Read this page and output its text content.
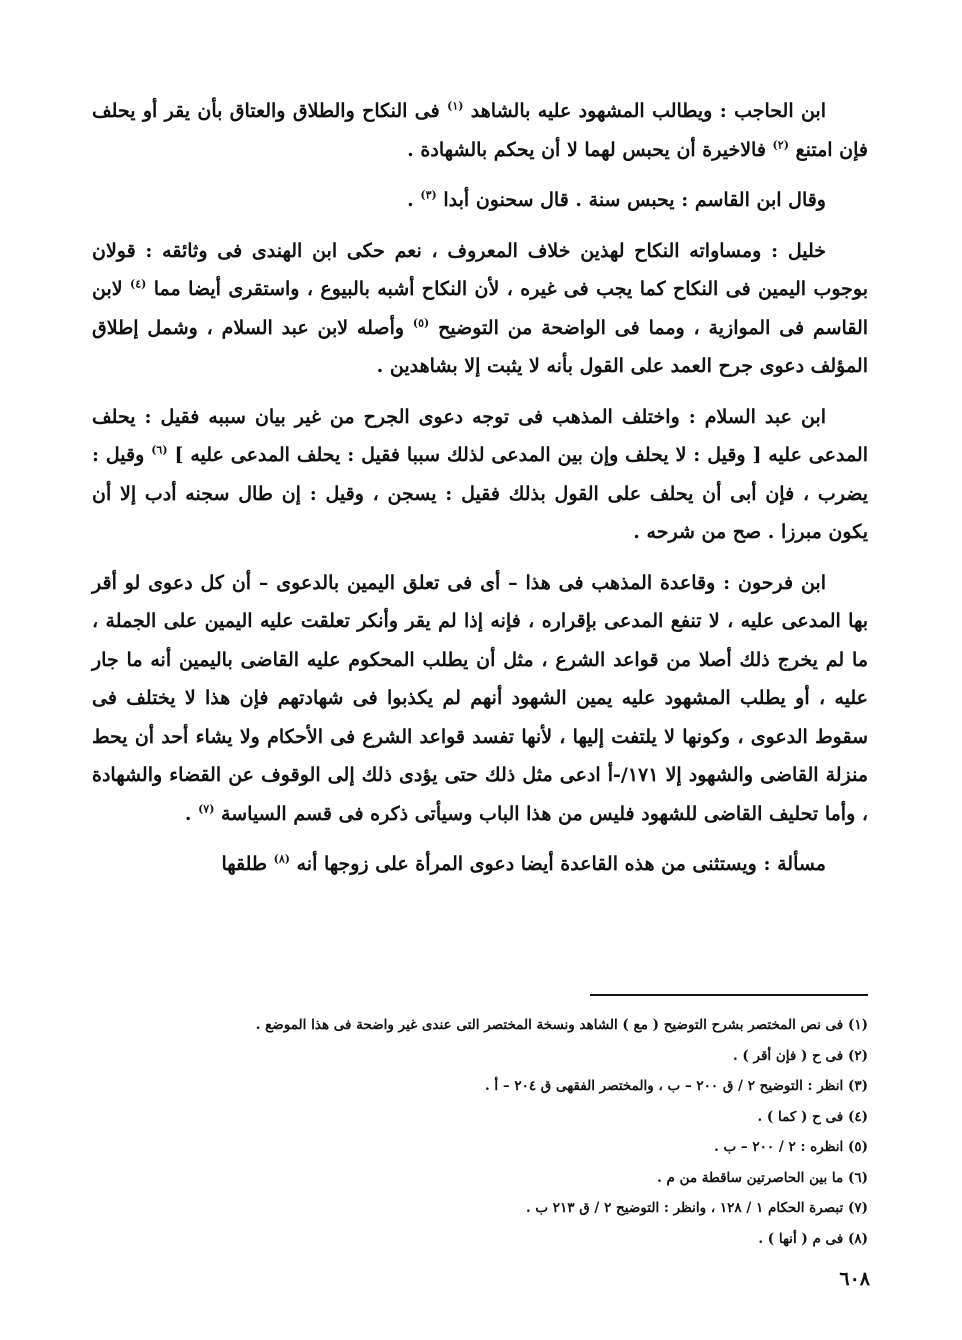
ابن الحاجب : ويطالب المشهود عليه بالشاهد $^{(١)}$ فى النكاح والطلاق والعتاق بأن يقر أو يحلف فإن امتنع $^{(٢)}$ فالاخيرة أن يحبس لهما لا أن يحكم بالشهادة .

وقال ابن القاسم : يحبس سنة . قال سحنون أبدا $^{(٣)}$ .

خليل : ومساواته النكاح لهذين خلاف المعروف ، نعم حكى ابن الهندى فى وثائقه : قولان بوجوب اليمين فى النكاح كما يجب فى غيره ، لأن النكاح أشبه بالبيوع ، واستقرى أيضا مما $^{(٤)}$ لابن القاسم فى الموازية ، ومما فى الواضحة من التوضيح $^{(٥)}$ وأصله لابن عبد السلام ، وشمل إطلاق المؤلف دعوى جرح العمد على القول بأنه لا يثبت إلا بشاهدين .

ابن عبد السلام : واختلف المذهب فى توجه دعوى الجرح من غير بيان سببه فقيل : يحلف المدعى عليه [ وقيل : لا يحلف وإن بين المدعى لذلك سببا فقيل : يحلف المدعى عليه ] $^{(٦)}$ وقيل : يضرب ، فإن أبى أن يحلف على القول بذلك فقيل : يسجن ، وقيل : إن طال سجنه أدب إلا أن يكون مبرزا . صح من شرحه .

ابن فرحون : وقاعدة المذهب فى هذا – أى فى تعلق اليمين بالدعوى – أن كل دعوى لو أقر بها المدعى عليه ، لا تنفع المدعى بإقراره ، فإنه إذا لم يقر وأنكر تعلقت عليه اليمين على الجملة ، ما لم يخرج ذلك أصلا من قواعد الشرع ، مثل أن يطلب المحكوم عليه القاضى باليمين أنه ما جار عليه ، أو يطلب المشهود عليه يمين الشهود أنهم لم يكذبوا فى شهادتهم فإن هذا لا يختلف فى سقوط الدعوى ، وكونها لا يلتفت إليها ، لأنها تفسد قواعد الشرع فى الأحكام ولا يشاء أحد أن يحط منزلة القاضى والشهود إلا ١٧١/-أ ادعى مثل ذلك حتى يؤدى ذلك إلى الوقوف عن القضاء والشهادة ، وأما تحليف القاضى للشهود فليس من هذا الباب وسيأتى ذكره فى قسم السياسة $^{(٧)}$ .

مسألة : ويستثنى من هذه القاعدة أيضا دعوى المرأة على زوجها أنه $^{(٨)}$ طلقها

(١) فى نص المختصر بشرح التوضيح ( مع ) الشاهد ونسخة المختصر التى عندى غير واضحة فى هذا الموضع .

(٢) فى ح ( فإن أقر ) .

(٣) انظر : التوضيح ٢ / ق ٢٠٠ – ب ، والمختصر الفقهى ق ٢٠٤ – أ .

(٤) فى ح ( كما ) .

(٥) انظره : ٢ / ٢٠٠ – ب .

(٦) ما بين الحاصرتين ساقطة من م .

(٧) تبصرة الحكام ١ / ١٢٨ ، وانظر : التوضيح ٢ / ق ٢١٣ ب .

(٨) فى م ( أنها ) .

٦٠٨
